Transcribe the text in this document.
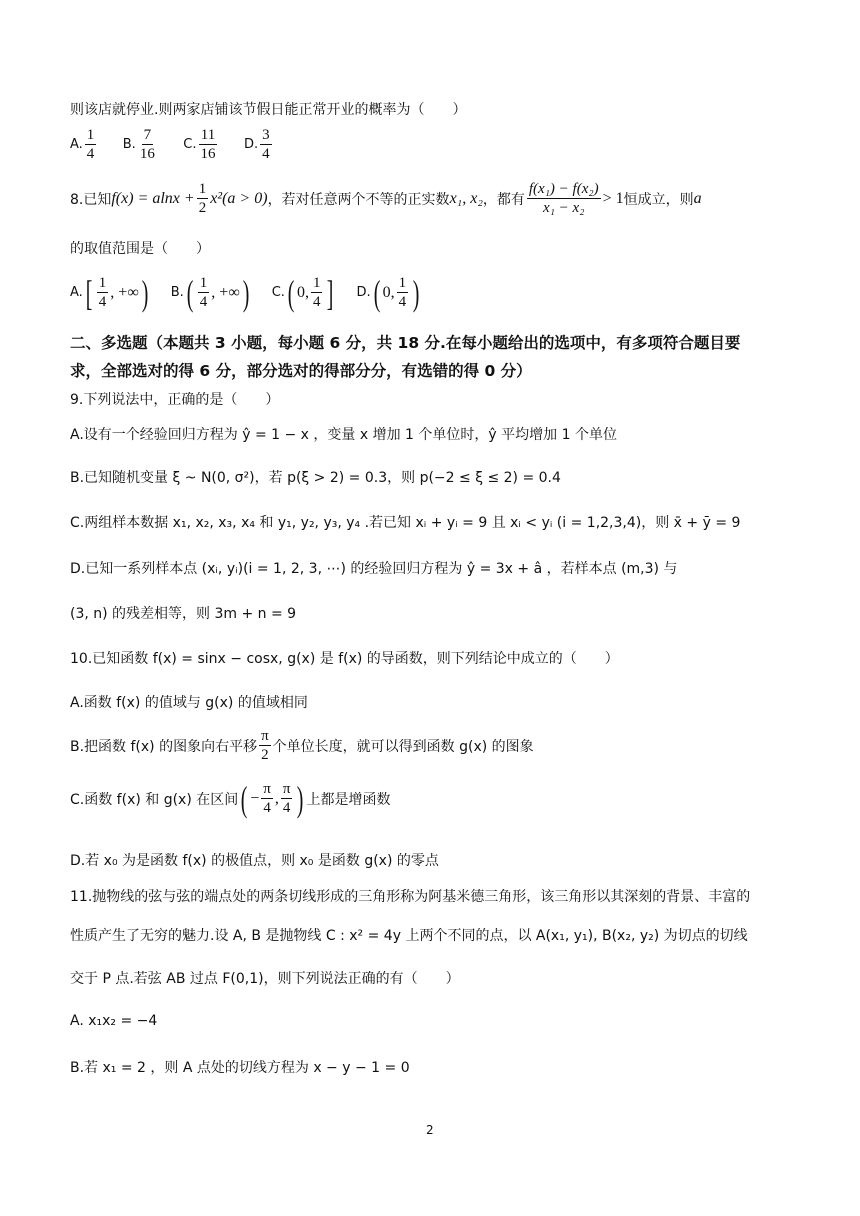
则该店就停业.则两家店铺该节假日能正常开业的概率为（　　）
A. $\frac{1}{4}$
B. $\frac{7}{16}$
C. $\frac{11}{16}$
D. $\frac{3}{4}$
8.已知 $f(x) = alnx + \frac{1}{2} x^2(a > 0)$ ，若对任意两个不等的正实数 x₁, x₂ ，都有 $\frac{\text{f(x₁) − f(x₂)}}{\text{x₁ − x₂}} > 1$ 恒成立，则 a
的取值范围是（　　）
A. [ $\frac{1}{4}$ , +∞ ) B. ( $\frac{1}{4}$ , +∞ ) C. ( 0, $\frac{1}{4}$ ] D. ( 0, $\frac{1}{4}$ )
二、多选题（本题共 3 小题，每小题 6 分，共 18 分.在每小题给出的选项中，有多项符合题目要
求，全部选对的得 6 分，部分选对的得部分分，有选错的得 0 分）
9.下列说法中，正确的是（　　）
A.设有一个经验回归方程为 ŷ = 1 − x ，变量 x 增加 1 个单位时，ŷ 平均增加 1 个单位
B.已知随机变量 ξ ~ N(0, σ²)，若 p(ξ > 2) = 0.3，则 p(−2 ≤ ξ ≤ 2) = 0.4
C.两组样本数据 x₁, x₂, x₃, x₄ 和 y₁, y₂, y₃, y₄ .若已知 xᵢ + yᵢ = 9 且 xᵢ < yᵢ (i = 1,2,3,4)，则 x̄ + ȳ = 9
D.已知一系列样本点 (xᵢ, yᵢ)(i = 1, 2, 3, ⋯) 的经验回归方程为 ŷ = 3x + â ，若样本点 (m,3) 与
(3, n) 的残差相等，则 3m + n = 9
10.已知函数 f(x) = sinx − cosx, g(x) 是 f(x) 的导函数，则下列结论中成立的（　　）
A.函数 f(x) 的值域与 g(x) 的值域相同
B.把函数 f(x) 的图象向右平移 $\frac{\pi}{2}$ 个单位长度，就可以得到函数 g(x) 的图象
C.函数 f(x) 和 g(x) 在区间 ( − $\frac{\pi}{4}$ , $\frac{\pi}{4}$ ) 上都是增函数
D.若 x₀ 为是函数 f(x) 的极值点，则 x₀ 是函数 g(x) 的零点
11.抛物线的弦与弦的端点处的两条切线形成的三角形称为阿基米德三角形，该三角形以其深刻的背景、丰富的
性质产生了无穷的魅力.设 A, B 是抛物线 C : x² = 4y 上两个不同的点，以 A(x₁, y₁), B(x₂, y₂) 为切点的切线
交于 P 点.若弦 AB 过点 F(0,1)，则下列说法正确的有（　　）
A. x₁x₂ = −4
B.若 x₁ = 2 ，则 A 点处的切线方程为 x − y − 1 = 0
2
